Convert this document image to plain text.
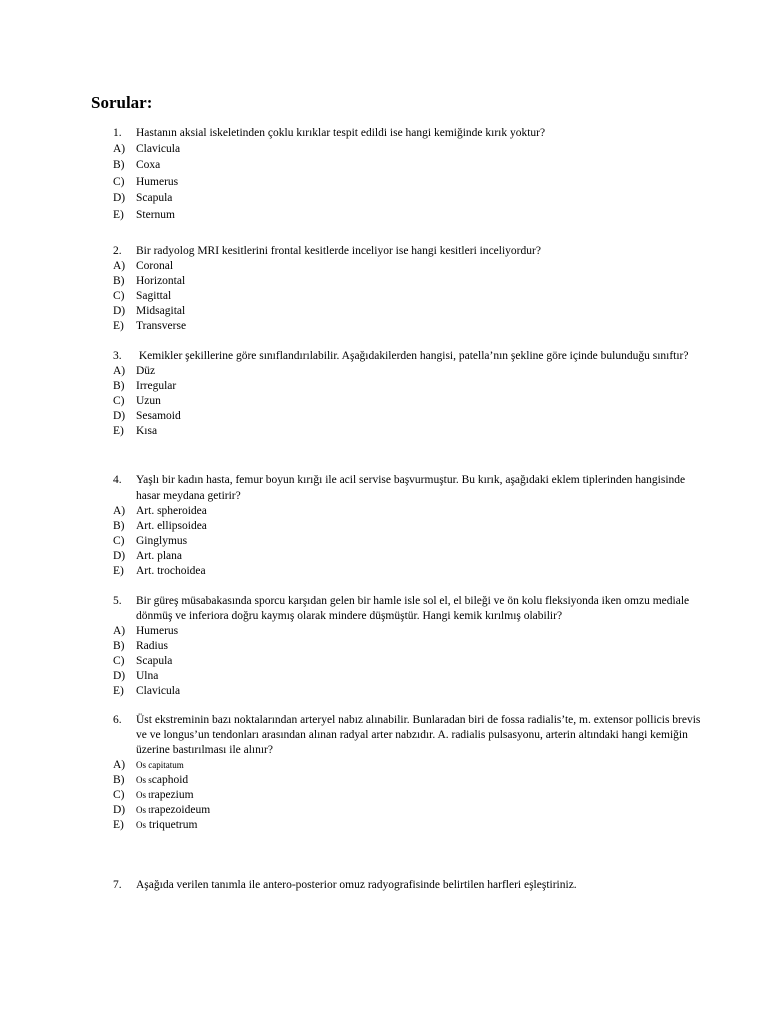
Sorular:
1.	Hastanın aksial iskeletinden çoklu kırıklar tespit edildi ise hangi kemiğinde kırık yoktur?
A) Clavicula
B)	Coxa
C)	Humerus
D) Scapula
E)	Sternum
2.	Bir radyolog MRI kesitlerini frontal kesitlerde inceliyor ise hangi kesitleri inceliyordur?
A) Coronal
B)	Horizontal
C)	Sagittal
D) Midsagital
E)	Transverse
3.	Kemikler şekillerine göre sınıflandırılabilir. Aşağıdakilerden hangisi, patella’nın şekline göre içinde bulunduğu sınıftır?
A) Düz
B)	Irregular
C)	Uzun
D) Sesamoid
E)	Kısa
4.	Yaşlı bir kadın hasta, femur boyun kırığı ile acil servise başvurmuştur. Bu kırık, aşağıdaki eklem tiplerinden hangisinde hasar meydana getirir?
A) Art. spheroidea
B)	Art. ellipsoidea
C)	Ginglymus
D) Art. plana
E)	Art. trochoidea
5.	Bir güreş müsabakasında sporcu karşıdan gelen bir hamle isle sol el, el bileği ve ön kolu fleksiyonda iken omzu mediale dönmüş ve inferiora doğru kaymış olarak mindere düşmüştür. Hangi kemik kırılmış olabilir?
A) Humerus
B)	Radius
C)	Scapula
D) Ulna
E)	Clavicula
6.	Üst ekstreminin bazı noktalarından arteryel nabız alınabilir. Bunlaradan biri de fossa radialis’te, m. extensor pollicis brevis ve ve longus’un tendonları arasından alınan radyal arter nabzıdır. A. radialis pulsasyonu, arterin altındaki hangi kemiğin üzerine bastırılması ile alınır?
A)	Os capitatum
B)	Os s caphoid
C)	Os t rapezium
D)	Os t rapezoideum
E)	Os triquetrum
7.	Aşağıda verilen tanımla ile antero-posterior omuz radyografisinde belirtilen harfleri eşleştiriniz.
